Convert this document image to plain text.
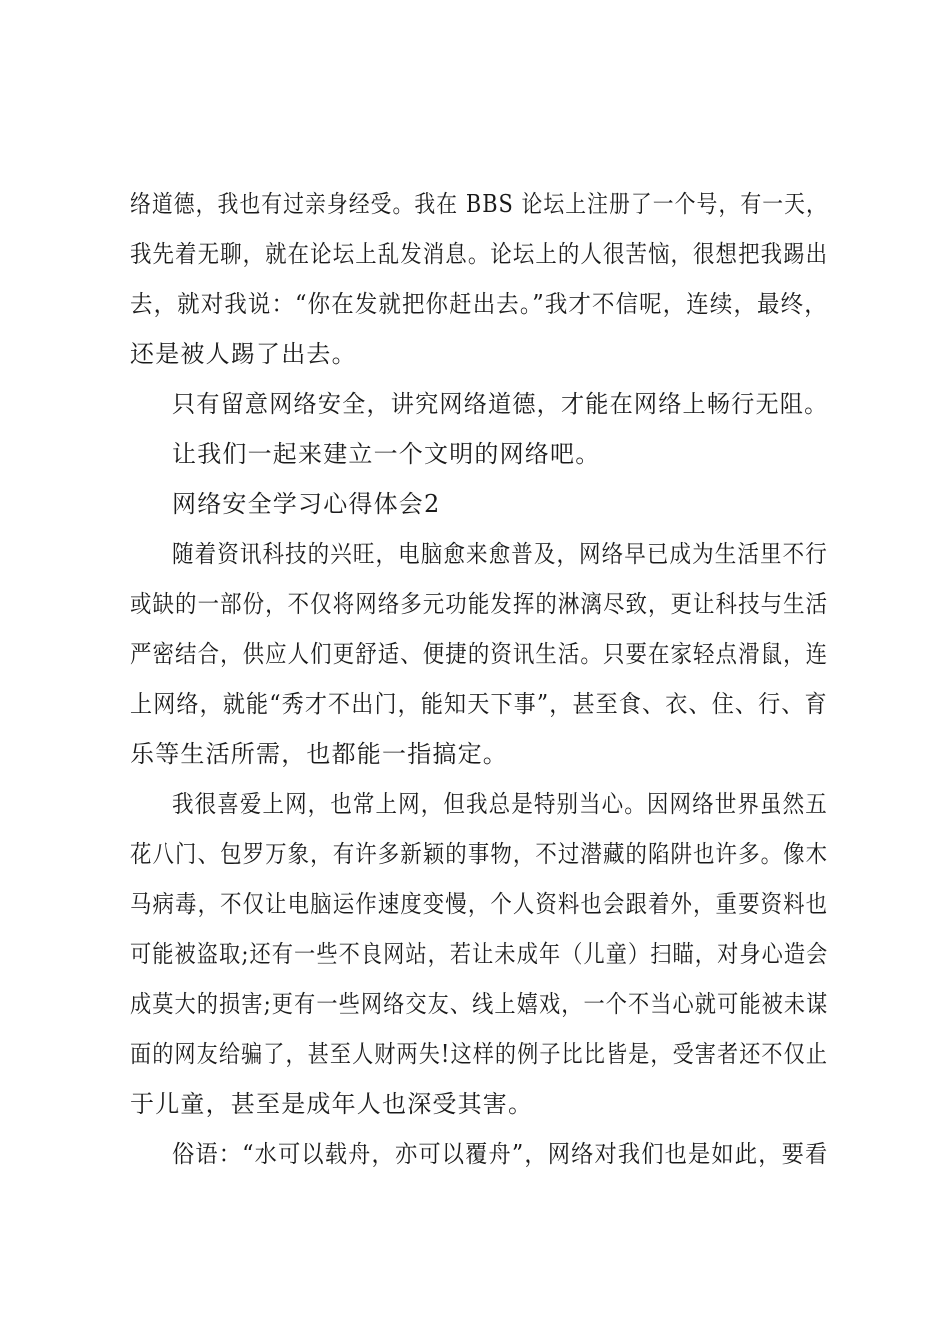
络道德，我也有过亲身经受。我在 BBS 论坛上注册了一个号，有一天，
我先着无聊，就在论坛上乱发消息。论坛上的人很苦恼，很想把我踢出
去，就对我说：“你在发就把你赶出去。”我才不信呢，连续，最终，
还是被人踢了出去。
只有留意网络安全，讲究网络道德，才能在网络上畅行无阻。
让我们一起来建立一个文明的网络吧。
网络安全学习心得体会2
随着资讯科技的兴旺，电脑愈来愈普及，网络早已成为生活里不行
或缺的一部份，不仅将网络多元功能发挥的淋漓尽致，更让科技与生活
严密结合，供应人们更舒适、便捷的资讯生活。只要在家轻点滑鼠，连
上网络，就能“秀才不出门，能知天下事”，甚至食、衣、住、行、育
乐等生活所需，也都能一指搞定。
我很喜爱上网，也常上网，但我总是特别当心。因网络世界虽然五
花八门、包罗万象，有许多新颖的事物，不过潜藏的陷阱也许多。像木
马病毒，不仅让电脑运作速度变慢，个人资料也会跟着外，重要资料也
可能被盗取;还有一些不良网站，若让未成年（儿童）扫瞄，对身心造会
成莫大的损害;更有一些网络交友、线上嬉戏，一个不当心就可能被未谋
面的网友给骗了，甚至人财两失!这样的例子比比皆是，受害者还不仅止
于儿童，甚至是成年人也深受其害。
俗语：“水可以载舟，亦可以覆舟”，网络对我们也是如此，要看
